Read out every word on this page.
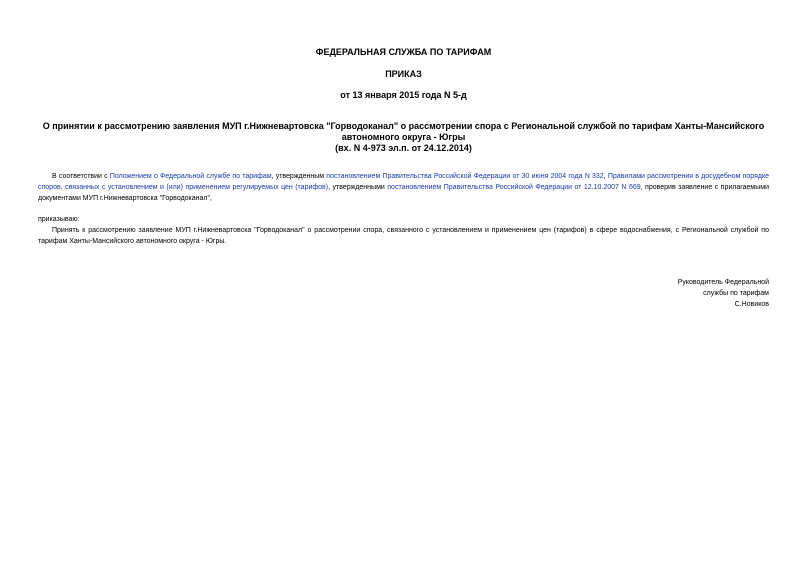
ФЕДЕРАЛЬНАЯ СЛУЖБА ПО ТАРИФАМ
ПРИКАЗ
от 13 января 2015 года N 5-д
О принятии к рассмотрению заявления МУП г.Нижневартовска "Горводоканал" о рассмотрении спора с Региональной службой по тарифам Ханты-Мансийского
автономного округа - Югры
(вх. N 4-973 эл.п. от 24.12.2014)
В соответствии с Положением о Федеральной службе по тарифам, утвержденным постановлением Правительства Российской Федерации от 30 июня 2004 года N 332, Правилами рассмотрения в досудебном порядке споров, связанных с установлением и (или) применением регулируемых цен (тарифов), утвержденными постановлением Правительства Российской Федерации от 12.10.2007 N 669, проверив заявление с прилагаемыми документами МУП г.Нижневартовска "Горводоканал",
приказываю:
Принять к рассмотрению заявление МУП г.Нижневартовска "Горводоканал" о рассмотрении спора, связанного с установлением и применением цен (тарифов) в сфере водоснабжения, с Региональной службой по тарифам Ханты-Мансийского автономного округа - Югры.
Руководитель Федеральной
службы по тарифам
С.Новиков
